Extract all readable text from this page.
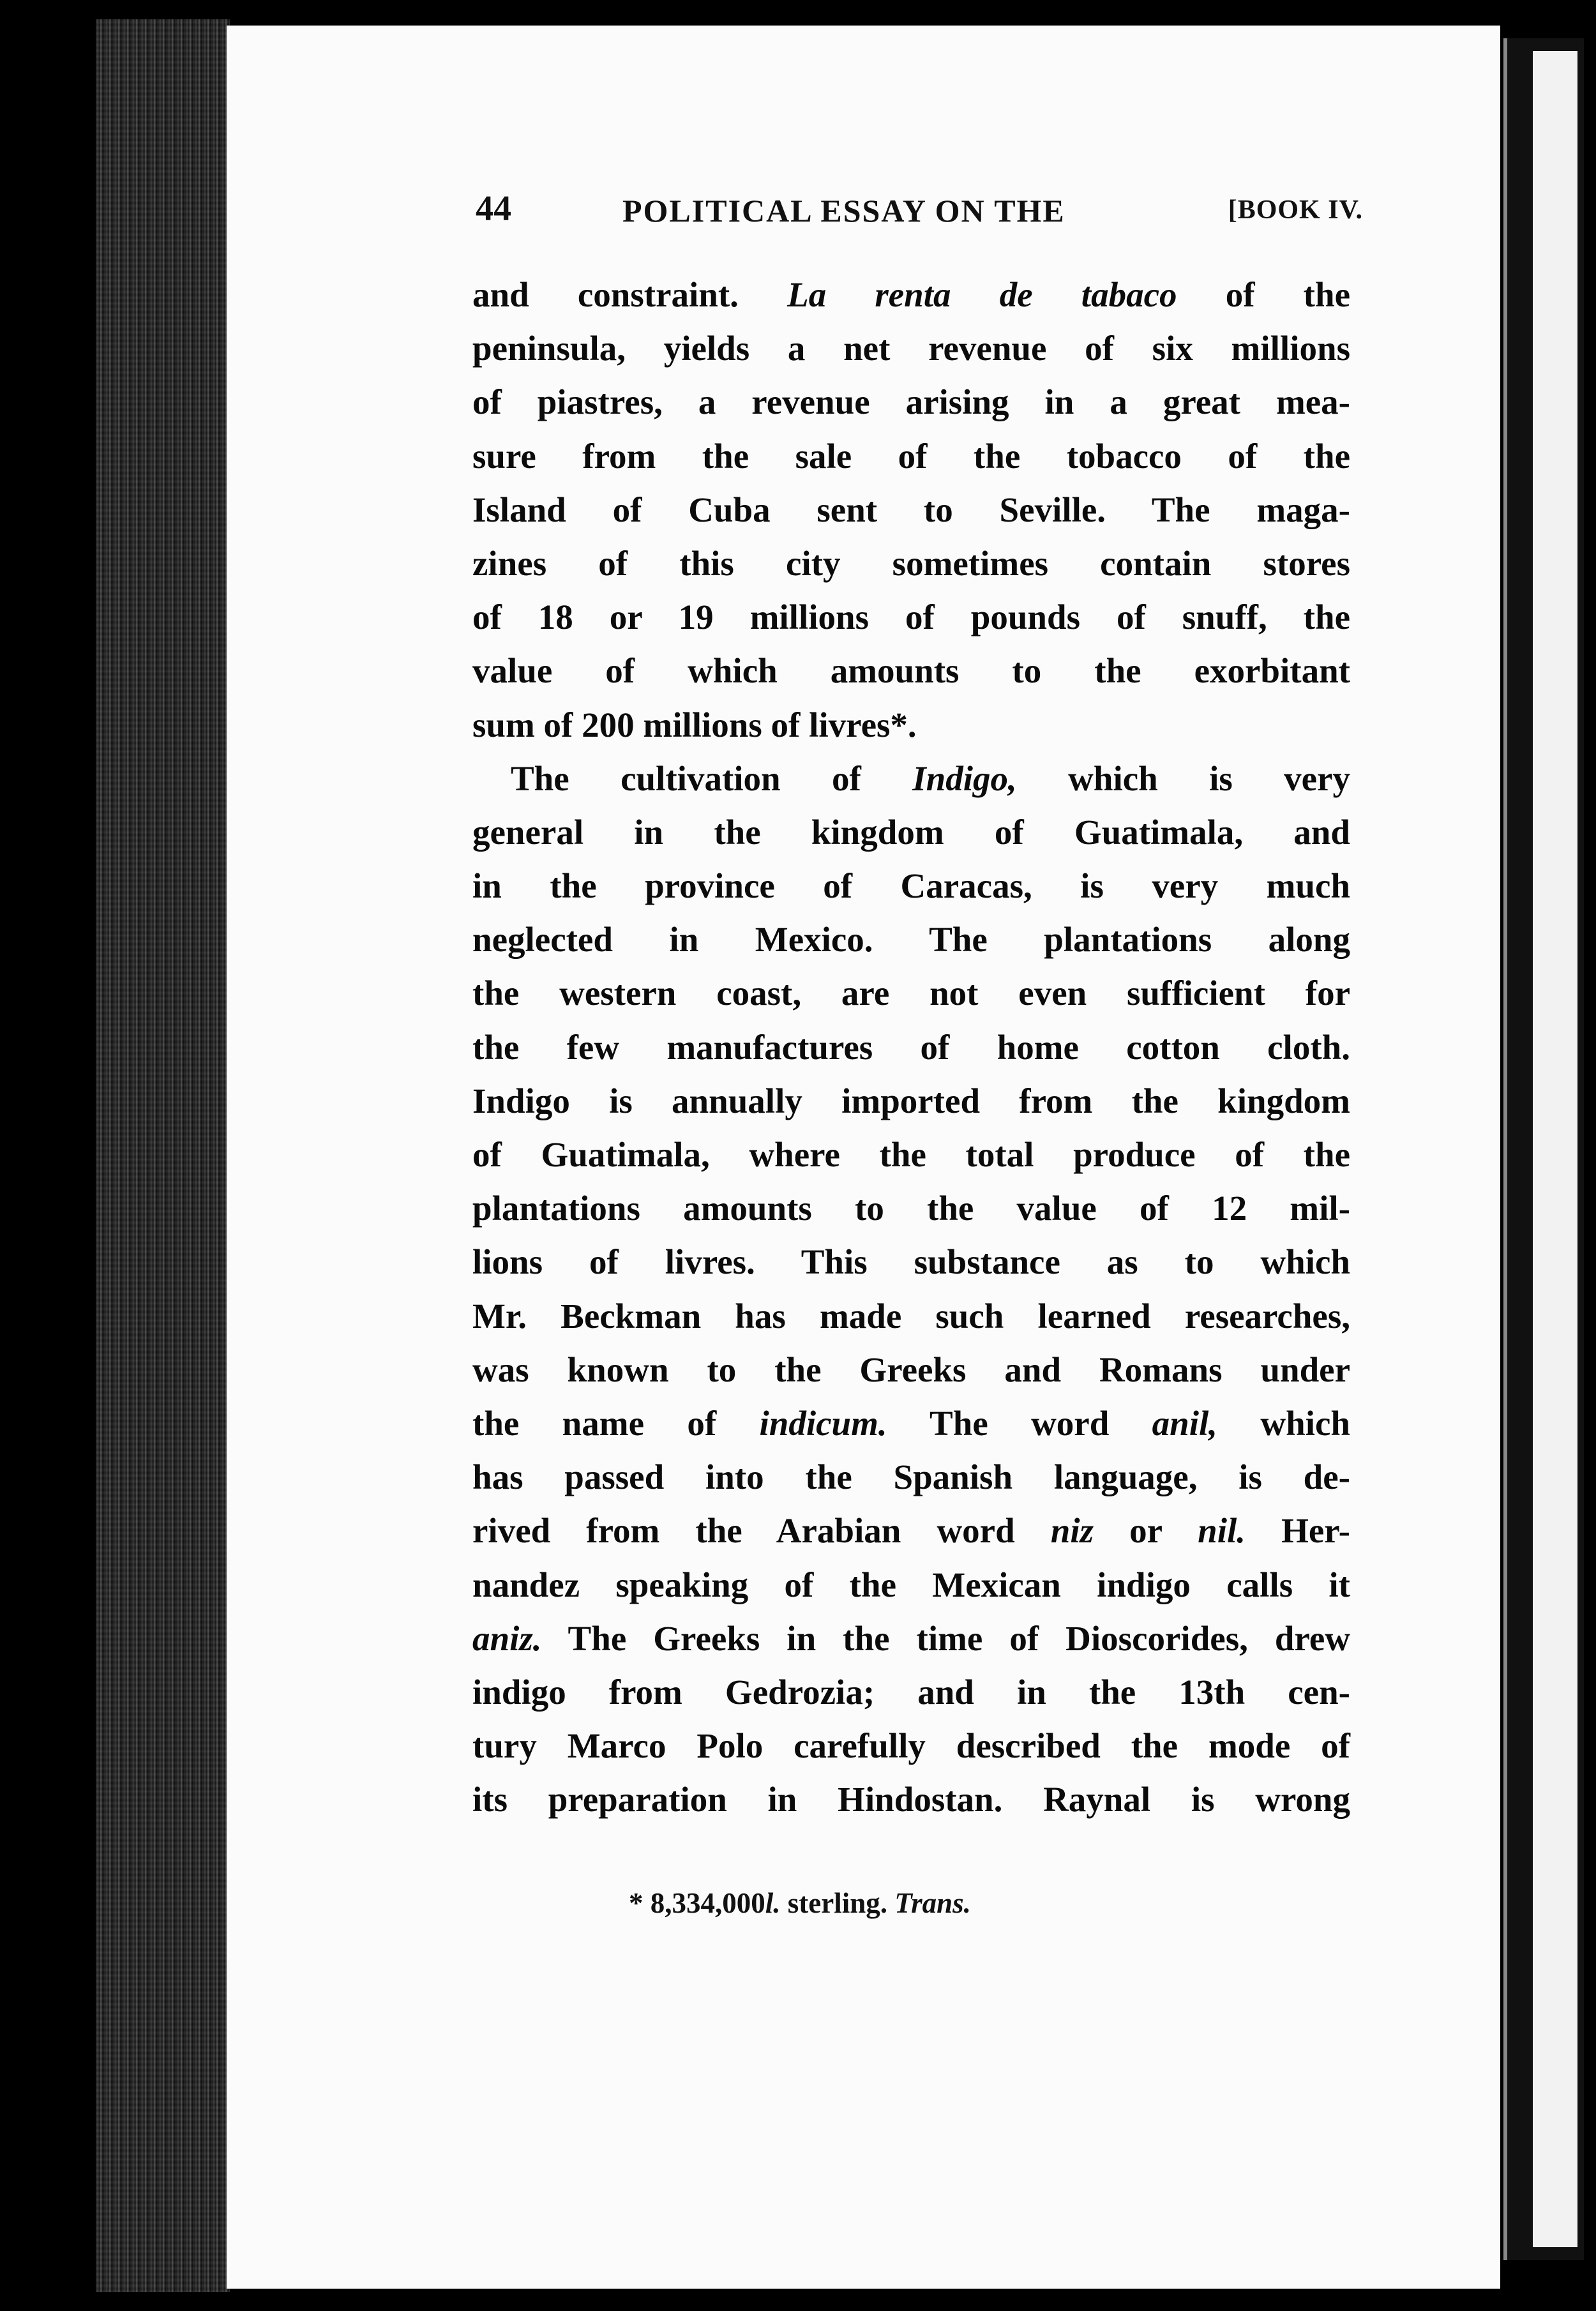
44	POLITICAL ESSAY ON THE	[BOOK IV.
and constraint. La renta de tabaco of the
peninsula, yields a net revenue of six millions
of piastres, a revenue arising in a great mea-
sure from the sale of the tobacco of the
Island of Cuba sent to Seville. The maga-
zines of this city sometimes contain stores
of 18 or 19 millions of pounds of snuff, the
value of which amounts to the exorbitant
sum of 200 millions of livres*.
The cultivation of Indigo, which is very
general in the kingdom of Guatimala, and
in the province of Caracas, is very much
neglected in Mexico. The plantations along
the western coast, are not even sufficient for
the few manufactures of home cotton cloth.
Indigo is annually imported from the kingdom
of Guatimala, where the total produce of the
plantations amounts to the value of 12 mil-
lions of livres. This substance as to which
Mr. Beckman has made such learned researches,
was known to the Greeks and Romans under
the name of indicum. The word anil, which
has passed into the Spanish language, is de-
rived from the Arabian word niz or nil. Her-
nandez speaking of the Mexican indigo calls it
aniz. The Greeks in the time of Dioscorides, drew
indigo from Gedrozia; and in the 13th cen-
tury Marco Polo carefully described the mode of
its preparation in Hindostan. Raynal is wrong
* 8,334,000l. sterling. Trans.
